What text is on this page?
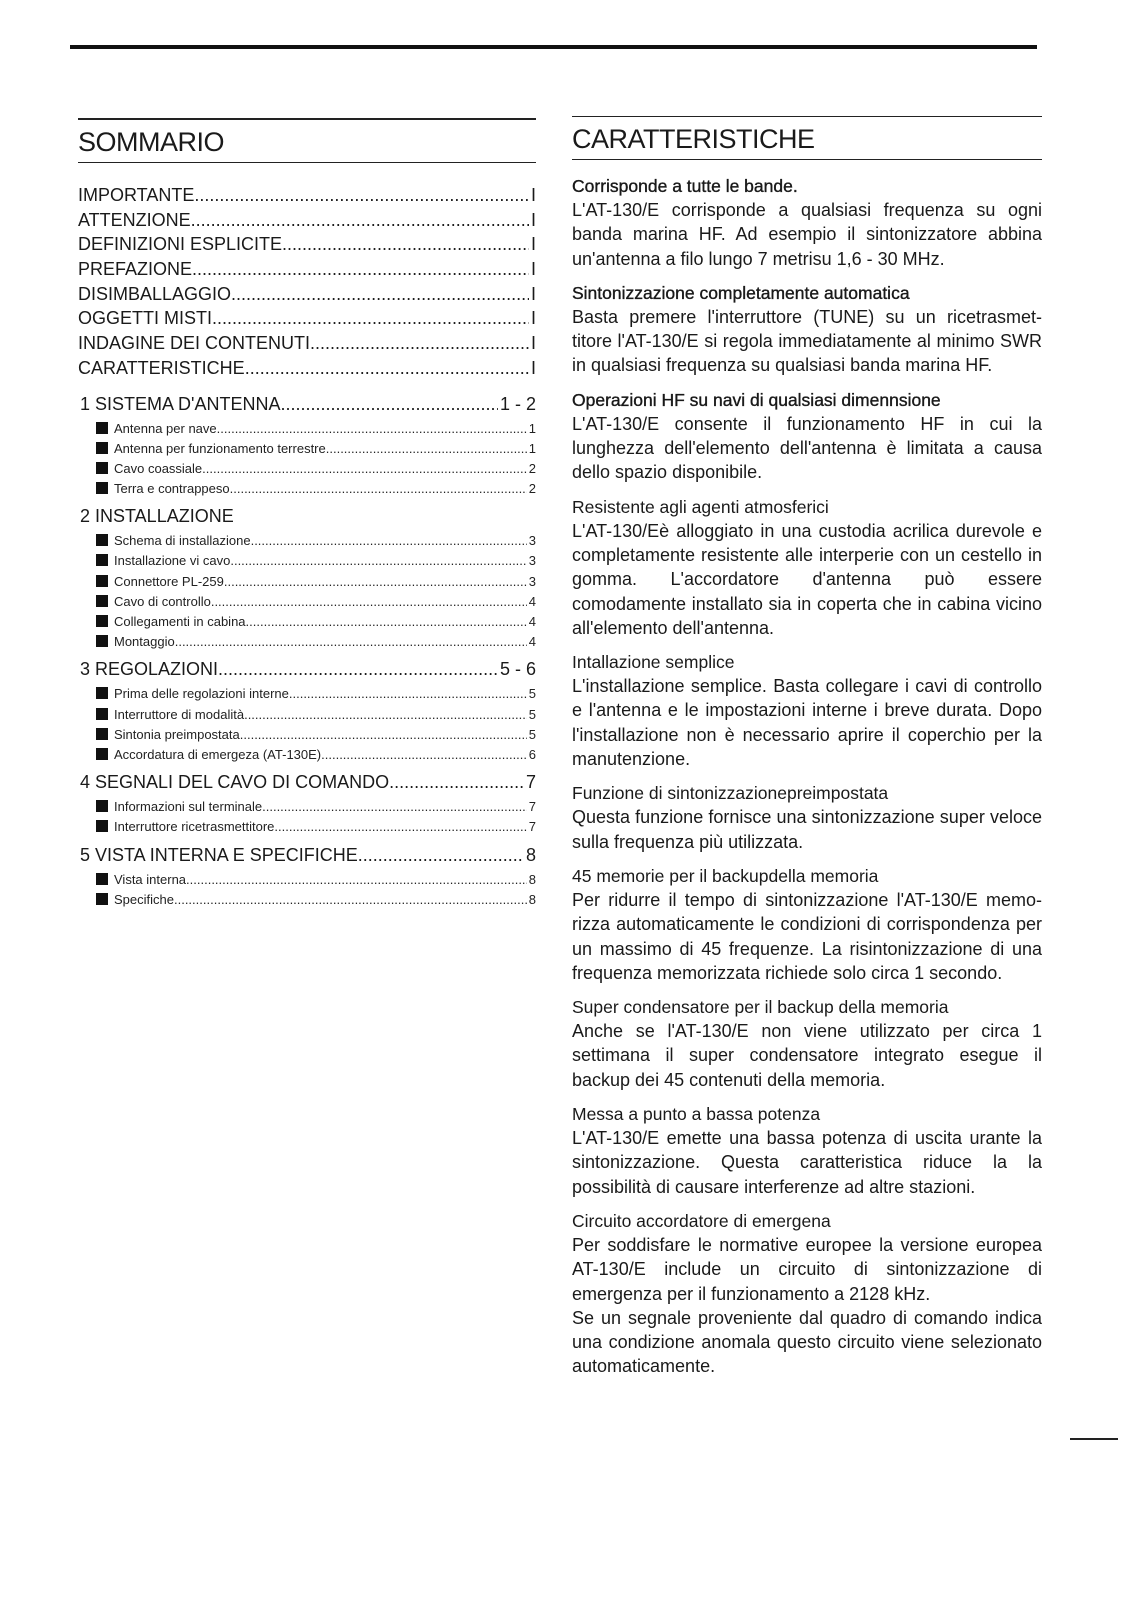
SOMMARIO
IMPORTANTE .....	I
ATTENZIONE .....	I
DEFINIZIONI ESPLICITE .....	I
PREFAZIONE .....	I
DISIMBALLAGGIO .....	I
OGGETTI MISTI .....	I
INDAGINE DEI CONTENUTI .....	I
CARATTERISTICHE .....	I
1 SISTEMA D'ANTENNA .....	1 - 2
Antenna per nave .....	1
Antenna per funzionamento terrestre .....	1
Cavo coassiale .....	2
Terra e contrappeso .....	2
2 INSTALLAZIONE
Schema di installazione .....	3
Installazione vi cavo .....	3
Connettore PL-259 .....	3
Cavo di controllo .....	4
Collegamenti in cabina .....	4
Montaggio .....	4
3 REGOLAZIONI .....	5 - 6
Prima delle regolazioni interne .....	5
Interruttore di modalità .....	5
Sintonia preimpostata .....	5
Accordatura di emergeza (AT-130E) .....	6
4 SEGNALI DEL CAVO DI COMANDO .....	7
Informazioni sul terminale .....	7
Interruttore ricetrasmettitore .....	7
5 VISTA INTERNA E SPECIFICHE .....	8
Vista interna .....	8
Specifiche .....	8
CARATTERISTICHE
Corrisponde a tutte le bande.

L'AT-130/E corrisponde a qualsiasi frequenza su ogni banda marina HF. Ad esempio il sintonizzatore abbina un'antenna a filo lungo 7 metrisu 1,6 - 30 MHz.

Sintonizzazione completamente automatica

Basta premere l'interruttore (TUNE) su un ricetrasmet- titore l'AT-130/E si regola immediatamente al minimo SWR in qualsiasi frequenza su qualsiasi banda marina HF.

Operazioni HF su navi di qualsiasi dimennsione

L'AT-130/E consente il funzionamento HF in cui la lunghezza dell'elemento dell'antenna è limitata a causa dello spazio disponibile.

Resistente agli agenti atmosferici

L'AT-130/Eè alloggiato in una custodia acrilica durevole e completamente resistente alle interperie con un cestello in gomma. L'accordatore d'antenna può essere comodamente installato sia in coperta che in cabina vicino all'elemento dell'antenna.

Intallazione semplice

L'installazione semplice. Basta collegare i cavi di controllo e l'antenna e le impostazioni interne i breve durata. Dopo l'installazione non è necessario aprire il coperchio per la manutenzione.

Funzione di sintonizzazionepreimpostata

Questa funzione fornisce una sintonizzazione super veloce sulla frequenza più utilizzata.

45 memorie per il backupdella memoria

Per ridurre il tempo di sintonizzazione l'AT-130/E memo- rizza automaticamente le condizioni di corrispondenza per un massimo di 45 frequenze. La risintonizzazione di una frequenza memorizzata richiede solo circa 1 secondo.

Super condensatore per il backup della memoria

Anche se l'AT-130/E non viene utilizzato per circa 1 settimana il super condensatore integrato esegue il backup dei 45 contenuti della memoria.

Messa a punto a bassa potenza

L'AT-130/E emette una bassa potenza di uscita urante la sintonizzazione. Questa caratteristica riduce la la possibilità di causare interferenze ad altre stazioni.

Circuito accordatore di emergena

Per soddisfare le normative europee la versione europea AT-130/E include un circuito di sintonizzazione di emergenza per il funzionamento a 2128 kHz.

Se un segnale proveniente dal quadro di comando indica una condizione anomala questo circuito viene selezionato automaticamente.
